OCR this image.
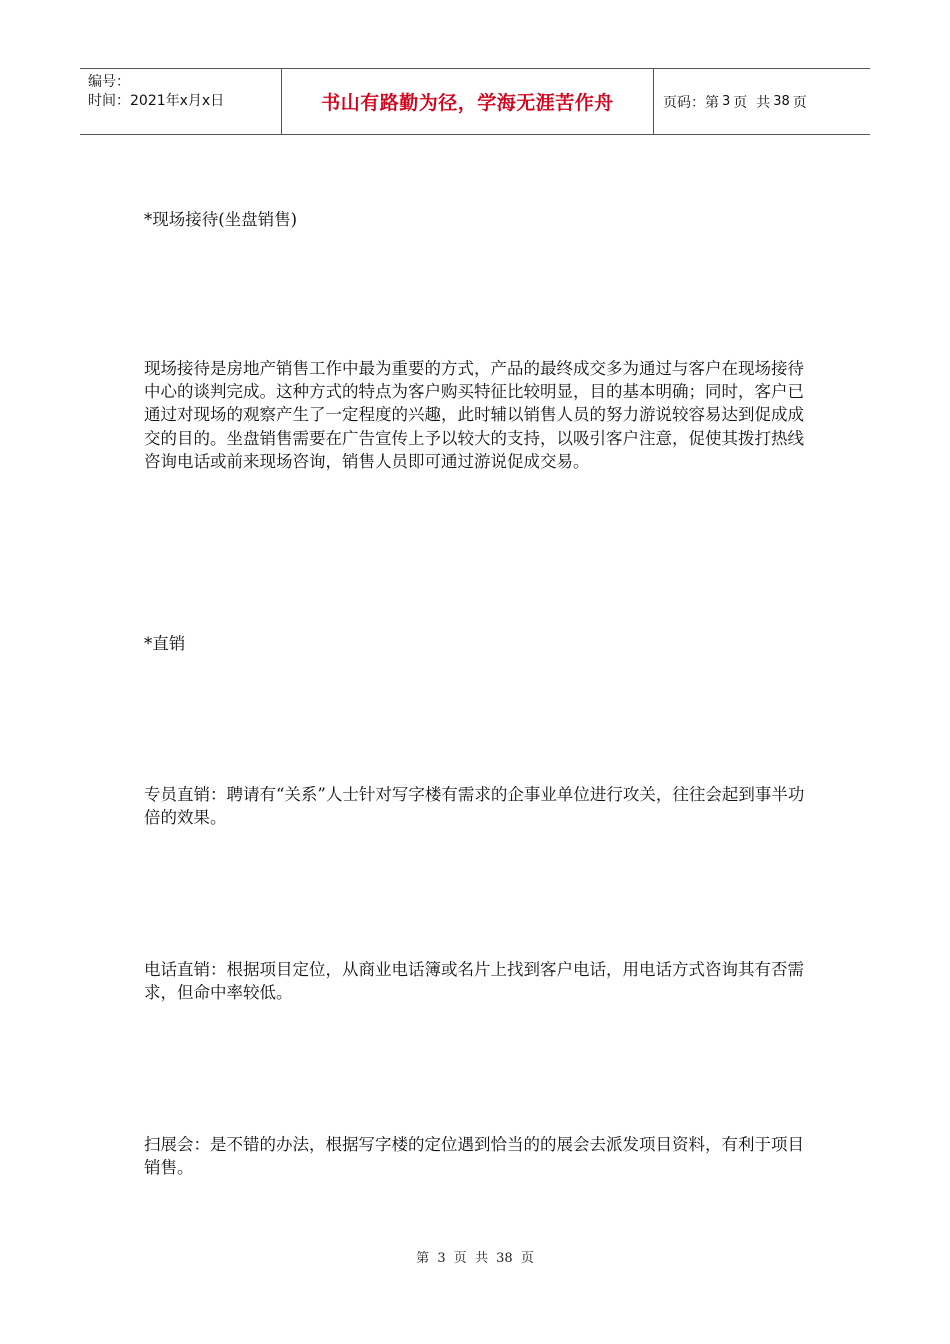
编号：
时间：2021年x月x日	书山有路勤为径，学海无涯苦作舟	页码：第 3 页  共 38 页
*现场接待(坐盘销售)
现场接待是房地产销售工作中最为重要的方式，产品的最终成交多为通过与客户在现场接待中心的谈判完成。这种方式的特点为客户购买特征比较明显，目的基本明确；同时，客户已通过对现场的观察产生了一定程度的兴趣，此时辅以销售人员的努力游说较容易达到促成成交的目的。坐盘销售需要在广告宣传上予以较大的支持，以吸引客户注意，促使其拨打热线咨询电话或前来现场咨询，销售人员即可通过游说促成交易。
*直销
专员直销：聘请有“关系”人士针对写字楼有需求的企事业单位进行攻关，往往会起到事半功倍的效果。
电话直销：根据项目定位，从商业电话簿或名片上找到客户电话，用电话方式咨询其有否需求，但命中率较低。
扫展会：是不错的办法，根据写字楼的定位遇到恰当的的展会去派发项目资料，有利于项目销售。
第 3 页  共 38 页
